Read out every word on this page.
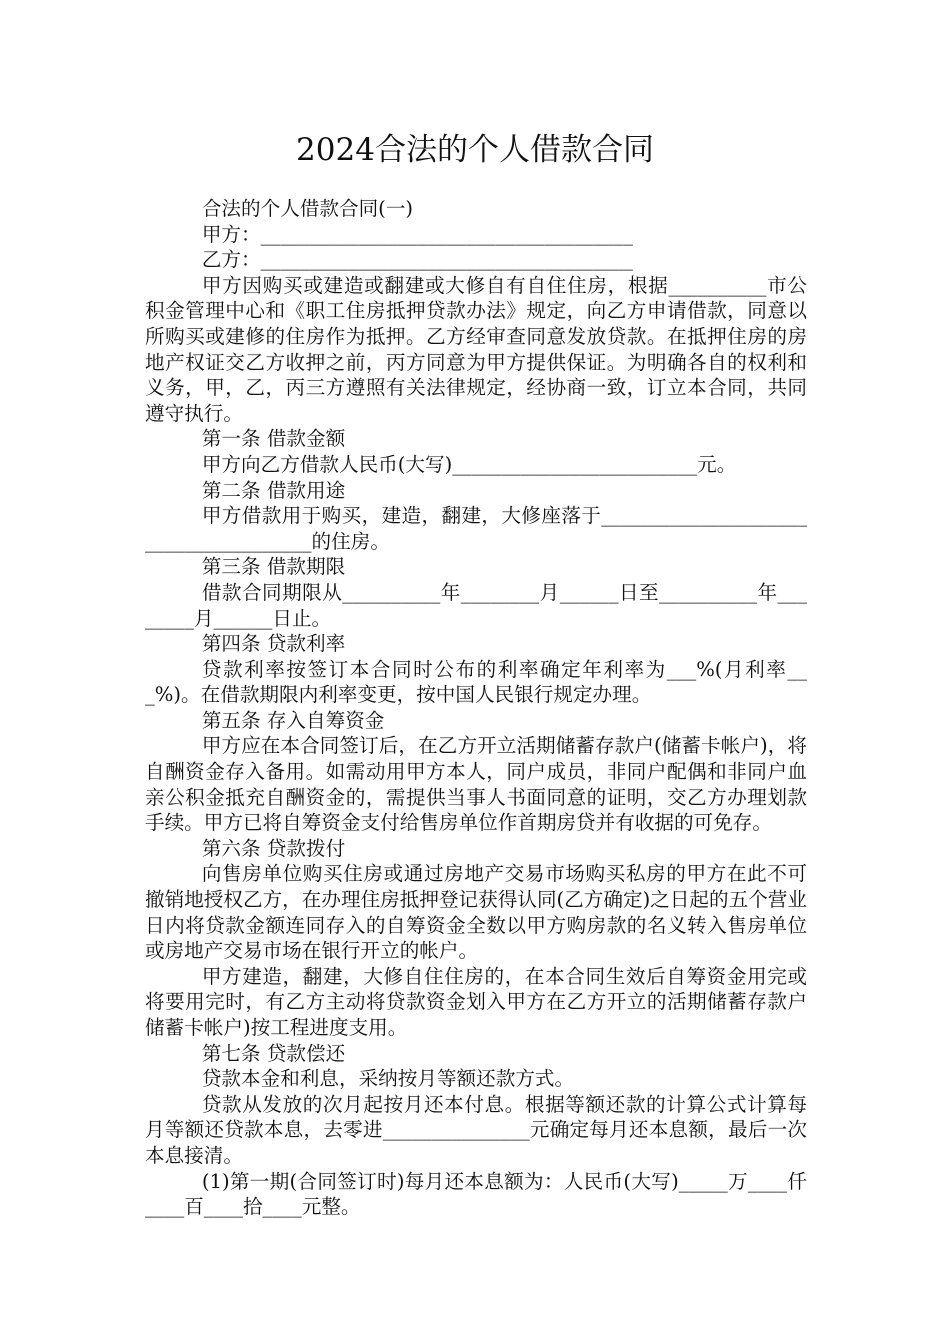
2024合法的个人借款合同

合法的个人借款合同(一)

甲方：______________________________________

乙方：______________________________________

甲方因购买或建造或翻建或大修自有自住住房，根据__________市公积金管理中心和《职工住房抵押贷款办法》规定，向乙方申请借款，同意以所购买或建修的住房作为抵押。乙方经审查同意发放贷款。在抵押住房的房地产权证交乙方收押之前，丙方同意为甲方提供保证。为明确各自的权利和义务，甲，乙，丙三方遵照有关法律规定，经协商一致，订立本合同，共同遵守执行。

第一条 借款金额

甲方向乙方借款人民币(大写)_________________________元。

第二条 借款用途

甲方借款用于购买，建造，翻建，大修座落于______________________________________的住房。

第三条 借款期限

借款合同期限从__________年________月______日至__________年________月______日止。

第四条 贷款利率

贷款利率按签订本合同时公布的利率确定年利率为___%(月利率___%)。在借款期限内利率变更，按中国人民银行规定办理。

第五条 存入自筹资金

甲方应在本合同签订后，在乙方开立活期储蓄存款户(储蓄卡帐户)，将自酬资金存入备用。如需动用甲方本人，同户成员，非同户配偶和非同户血亲公积金抵充自酬资金的，需提供当事人书面同意的证明，交乙方办理划款手续。甲方已将自筹资金支付给售房单位作首期房贷并有收据的可免存。

第六条 贷款拨付

向售房单位购买住房或通过房地产交易市场购买私房的甲方在此不可撤销地授权乙方，在办理住房抵押登记获得认同(乙方确定)之日起的五个营业日内将贷款金额连同存入的自筹资金全数以甲方购房款的名义转入售房单位或房地产交易市场在银行开立的帐户。

甲方建造，翻建，大修自住住房的，在本合同生效后自筹资金用完或将要用完时，有乙方主动将贷款资金划入甲方在乙方开立的活期储蓄存款户储蓄卡帐户)按工程进度支用。

第七条 贷款偿还

贷款本金和利息，采纳按月等额还款方式。

贷款从发放的次月起按月还本付息。根据等额还款的计算公式计算每月等额还贷款本息，去零进_______________元确定每月还本息额，最后一次本息接清。

(1)第一期(合同签订时)每月还本息额为：人民币(大写)_____万____仟____百____拾____元整。
